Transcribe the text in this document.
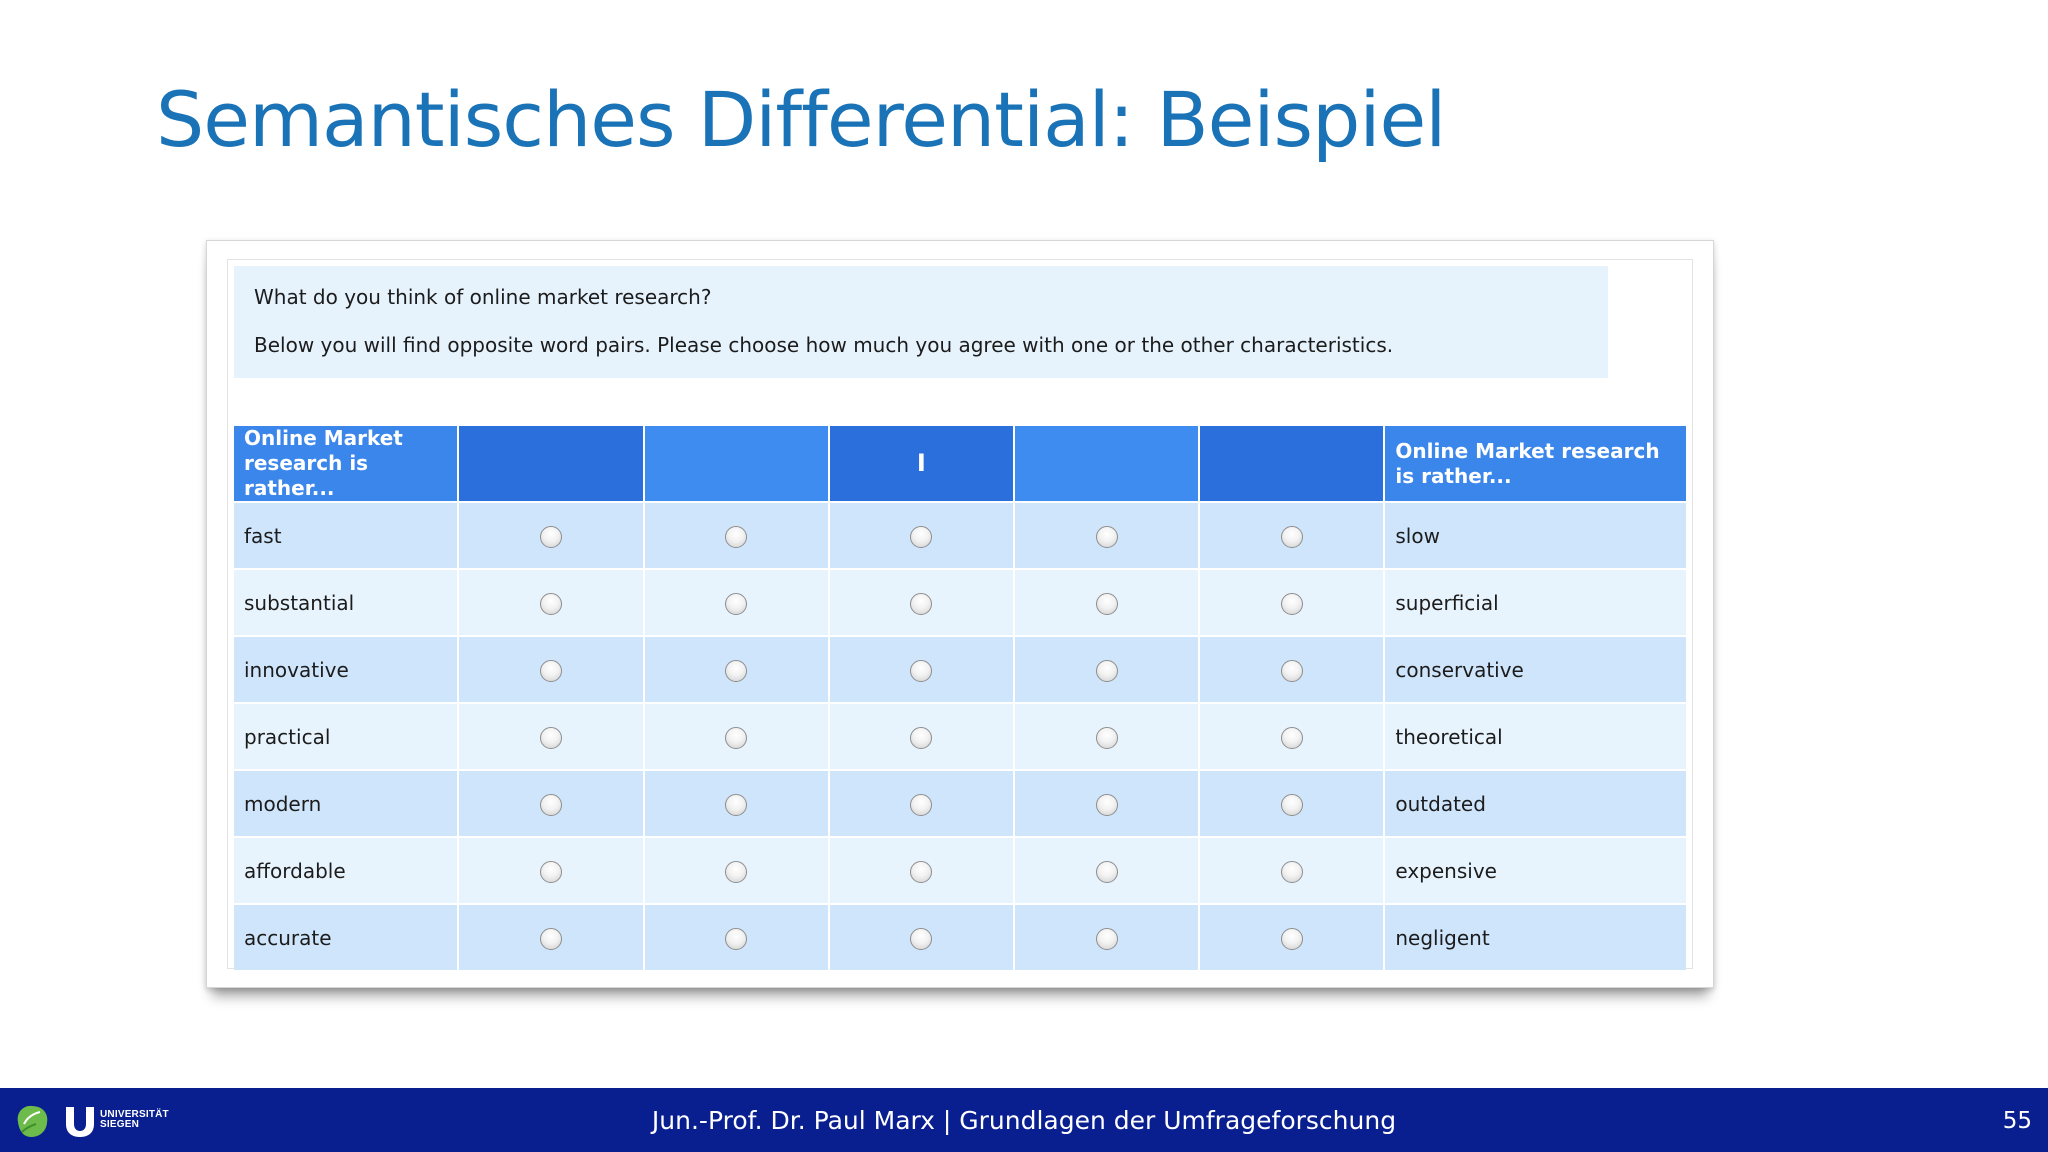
Semantisches Differential: Beispiel

What do you think of online market research?

Below you will find opposite word pairs. Please choose how much you agree with one or the other characteristics.

Online Market research is rather...			I			Online Market research is rather...
fast						slow
substantial						superficial
innovative						conservative
practical						theoretical
modern						outdated
affordable						expensive
accurate						negligent
UNIVERSITÄT
SIEGEN	Jun.-Prof. Dr. Paul Marx | Grundlagen der Umfrageforschung	55
